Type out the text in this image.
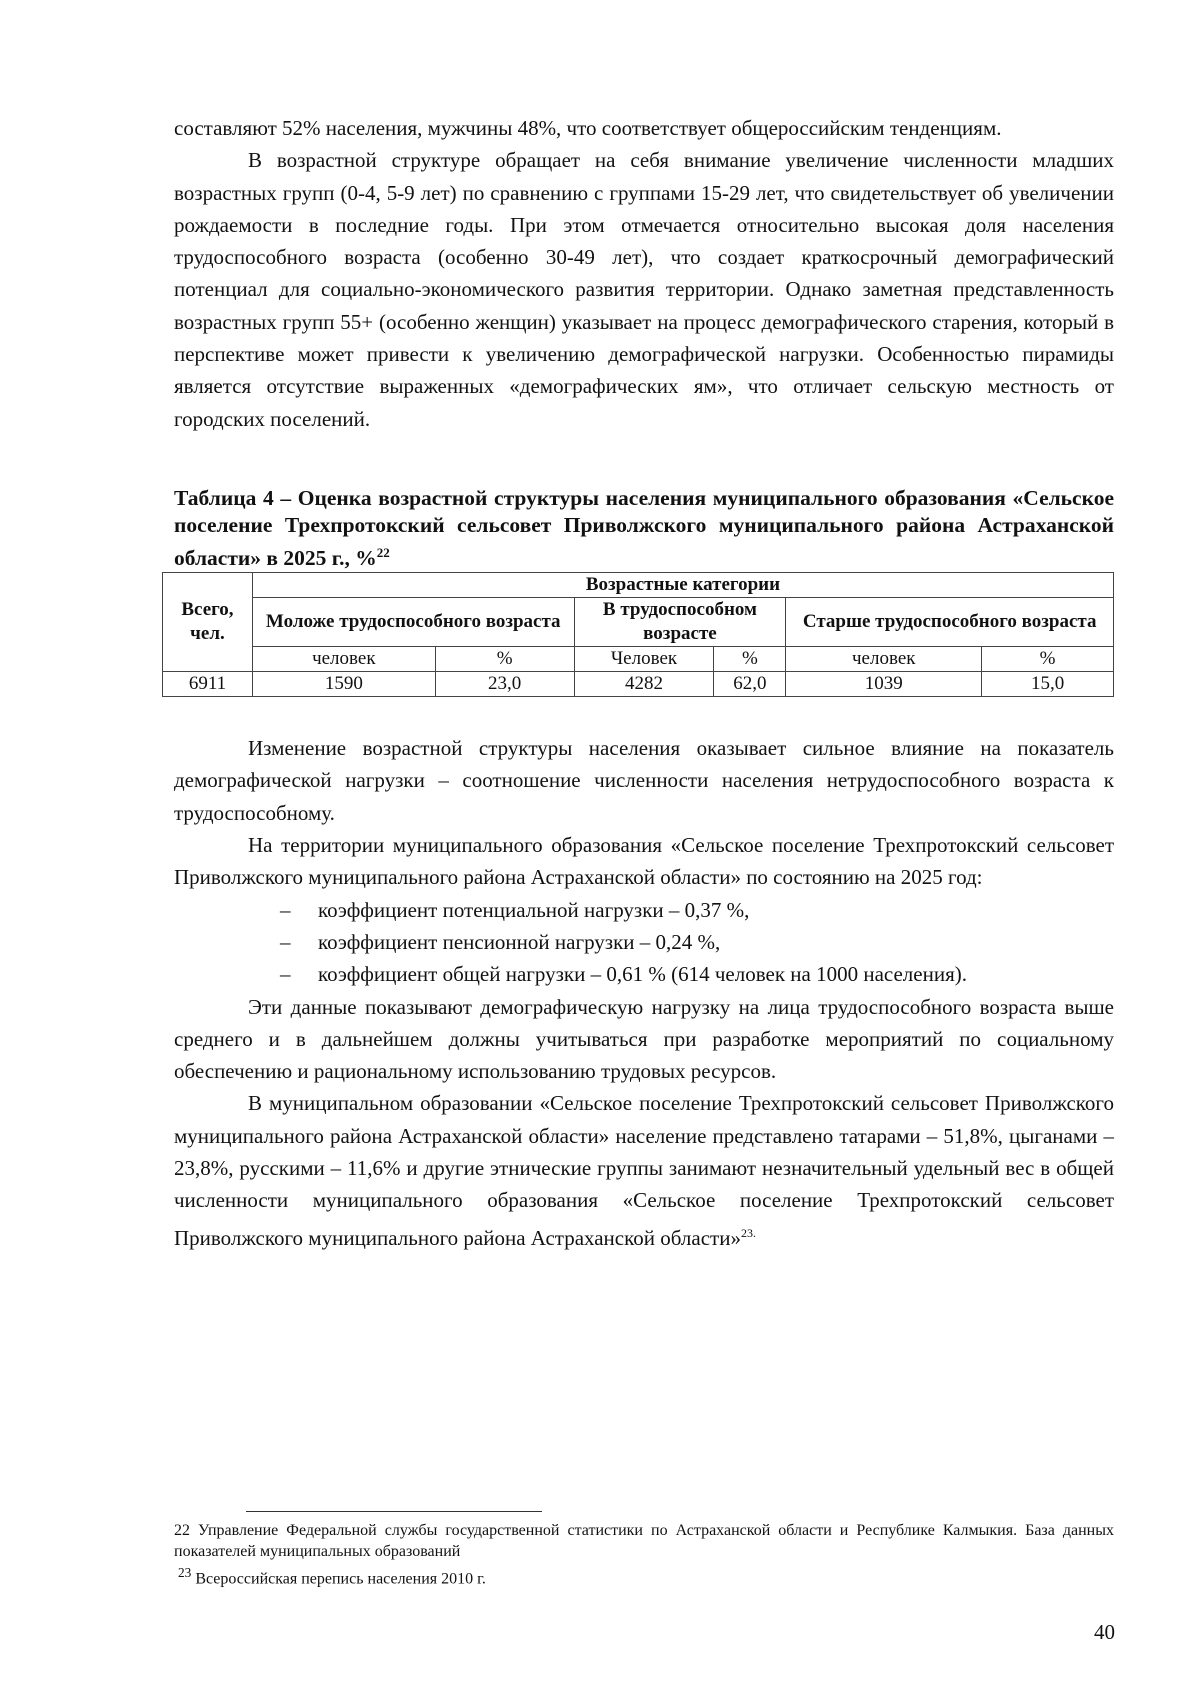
составляют 52% населения, мужчины 48%, что соответствует общероссийским тенденциям.

В возрастной структуре обращает на себя внимание увеличение численности младших возрастных групп (0-4, 5-9 лет) по сравнению с группами 15-29 лет, что свидетельствует об увеличении рождаемости в последние годы. При этом отмечается относительно высокая доля населения трудоспособного возраста (особенно 30-49 лет), что создает краткосрочный демографический потенциал для социально-экономического развития территории. Однако заметная представленность возрастных групп 55+ (особенно женщин) указывает на процесс демографического старения, который в перспективе может привести к увеличению демографической нагрузки. Особенностью пирамиды является отсутствие выраженных «демографических ям», что отличает сельскую местность от городских поселений.

Таблица 4 – Оценка возрастной структуры населения муниципального образования «Сельское поселение Трехпротокский сельсовет Приволжского муниципального района Астраханской области» в 2025 г., %$^{22}$
Всего, чел.	Возрастные категории					
	Моложе трудоспособного возраста		В трудоспособном возрасте		Старше трудоспособного возраста	
	человек	%	Человек	%	человек	%
6911	1590	23,0	4282	62,0	1039	15,0

Изменение возрастной структуры населения оказывает сильное влияние на показатель демографической нагрузки – соотношение численности населения нетрудоспособного возраста к трудоспособному.

На территории муниципального образования «Сельское поселение Трехпротокский сельсовет Приволжского муниципального района Астраханской области» по состоянию на 2025 год:

– коэффициент потенциальной нагрузки – 0,37 %,
– коэффициент пенсионной нагрузки – 0,24 %,
– коэффициент общей нагрузки – 0,61 % (614 человек на 1000 населения).

Эти данные показывают демографическую нагрузку на лица трудоспособного возраста выше среднего и в дальнейшем должны учитываться при разработке мероприятий по социальному обеспечению и рациональному использованию трудовых ресурсов.

В муниципальном образовании «Сельское поселение Трехпротокский сельсовет Приволжского муниципального района Астраханской области» население представлено татарами – 51,8%, цыганами – 23,8%, русскими – 11,6% и другие этнические группы занимают незначительный удельный вес в общей численности муниципального образования «Сельское поселение Трехпротокский сельсовет Приволжского муниципального района Астраханской области»$^{23.}$

22 Управление Федеральной службы государственной статистики по Астраханской области и Республике Калмыкия. База данных показателей муниципальных образований

$^{23}$ Всероссийская перепись населения 2010 г.

40
